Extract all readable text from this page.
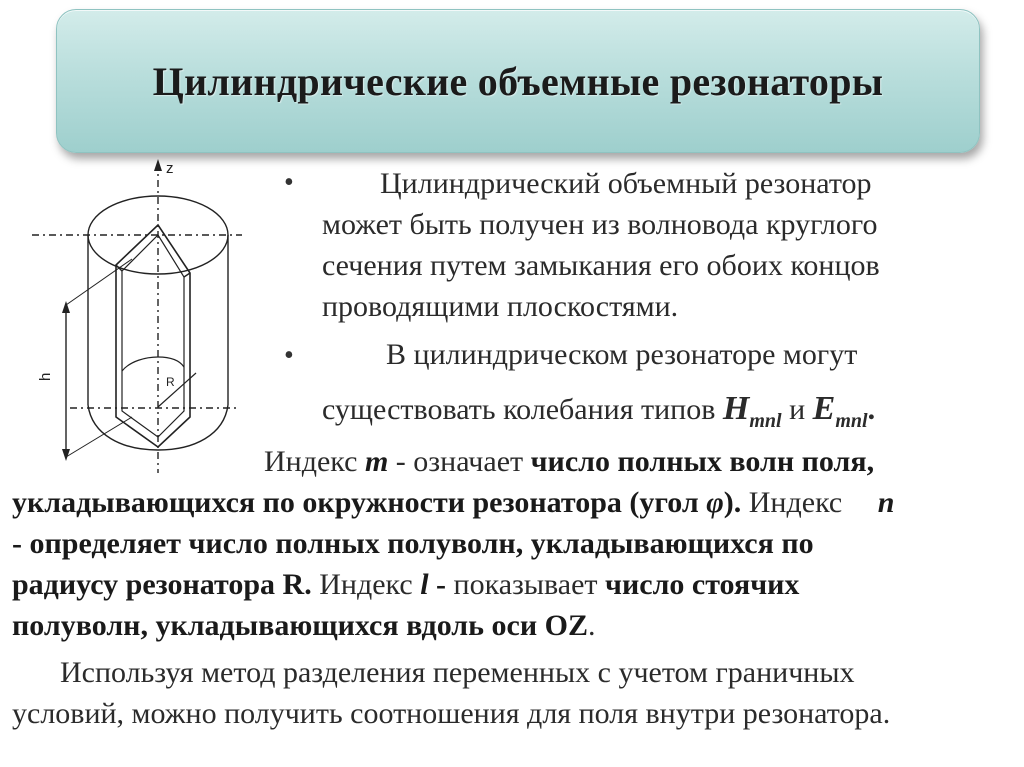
Цилиндрические объемные резонаторы
z
h	R
•	Цилиндрический объемный резонатор
может быть получен из волновода круглого
сечения путем замыкания его обоих концов
проводящими плоскостями.
•	В цилиндрическом резонаторе могут
существовать колебания типов $H_{mnl}$ и $E_{mnl}$.
Индекс m - означает число полных волн поля,
укладывающихся по окружности резонатора (угол φ). Индекс n
- определяет число полных полуволн, укладывающихся по
радиусу резонатора R. Индекс l - показывает число стоячих
полуволн, укладывающихся вдоль оси OZ.
Используя метод разделения переменных с учетом граничных
условий, можно получить соотношения для поля внутри резонатора.
